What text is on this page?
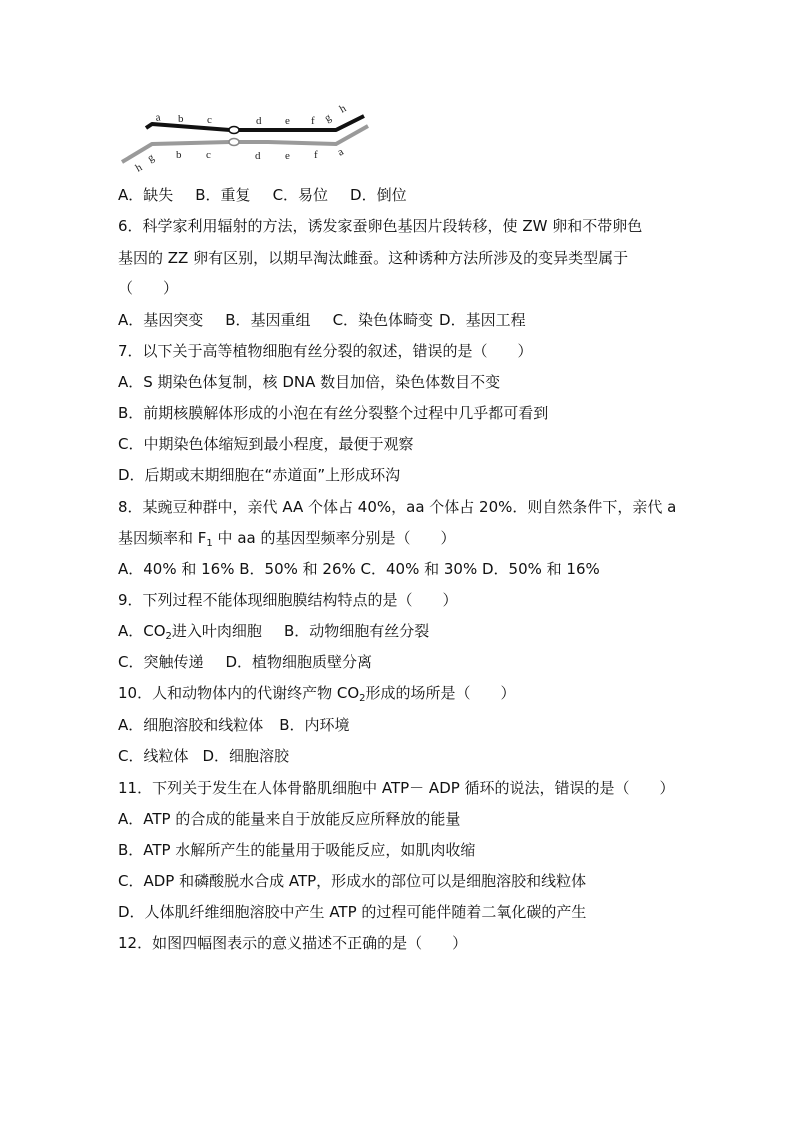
a b c	d e f g
h
h
g b c	d e f a
A．缺失 B．重复 C．易位 D．倒位
6．科学家利用辐射的方法，诱发家蚕卵色基因片段转移，使 ZW 卵和不带卵色
基因的 ZZ 卵有区别，以期早淘汰雌蚕。这种诱种方法所涉及的变异类型属于
（　　）
A．基因突变 B．基因重组 C．染色体畸变 D．基因工程
7．以下关于高等植物细胞有丝分裂的叙述，错误的是（　　）
A．S 期染色体复制，核 DNA 数目加倍，染色体数目不变
B．前期核膜解体形成的小泡在有丝分裂整个过程中几乎都可看到
C．中期染色体缩短到最小程度，最便于观察
D．后期或末期细胞在“赤道面”上形成环沟
8．某豌豆种群中，亲代 AA 个体占 40%，aa 个体占 20%．则自然条件下，亲代 a
基因频率和 $F_1$ 中 aa 的基因型频率分别是（　　）
A．40% 和 16% B．50% 和 26% C．40% 和 30% D．50% 和 16%
9．下列过程不能体现细胞膜结构特点的是（　　）
A．$CO_2$进入叶肉细胞 B．动物细胞有丝分裂
C．突触传递 D．植物细胞质壁分离
10．人和动物体内的代谢终产物 $CO_2$形成的场所是（　　）
A．细胞溶胶和线粒体 B．内环境
C．线粒体 D．细胞溶胶
11．下列关于发生在人体骨骼肌细胞中 ATP－ ADP 循环的说法，错误的是（　　）
A．ATP 的合成的能量来自于放能反应所释放的能量
B．ATP 水解所产生的能量用于吸能反应，如肌肉收缩
C．ADP 和磷酸脱水合成 ATP，形成水的部位可以是细胞溶胶和线粒体
D．人体肌纤维细胞溶胶中产生 ATP 的过程可能伴随着二氧化碳的产生
12．如图四幅图表示的意义描述不正确的是（　　）
